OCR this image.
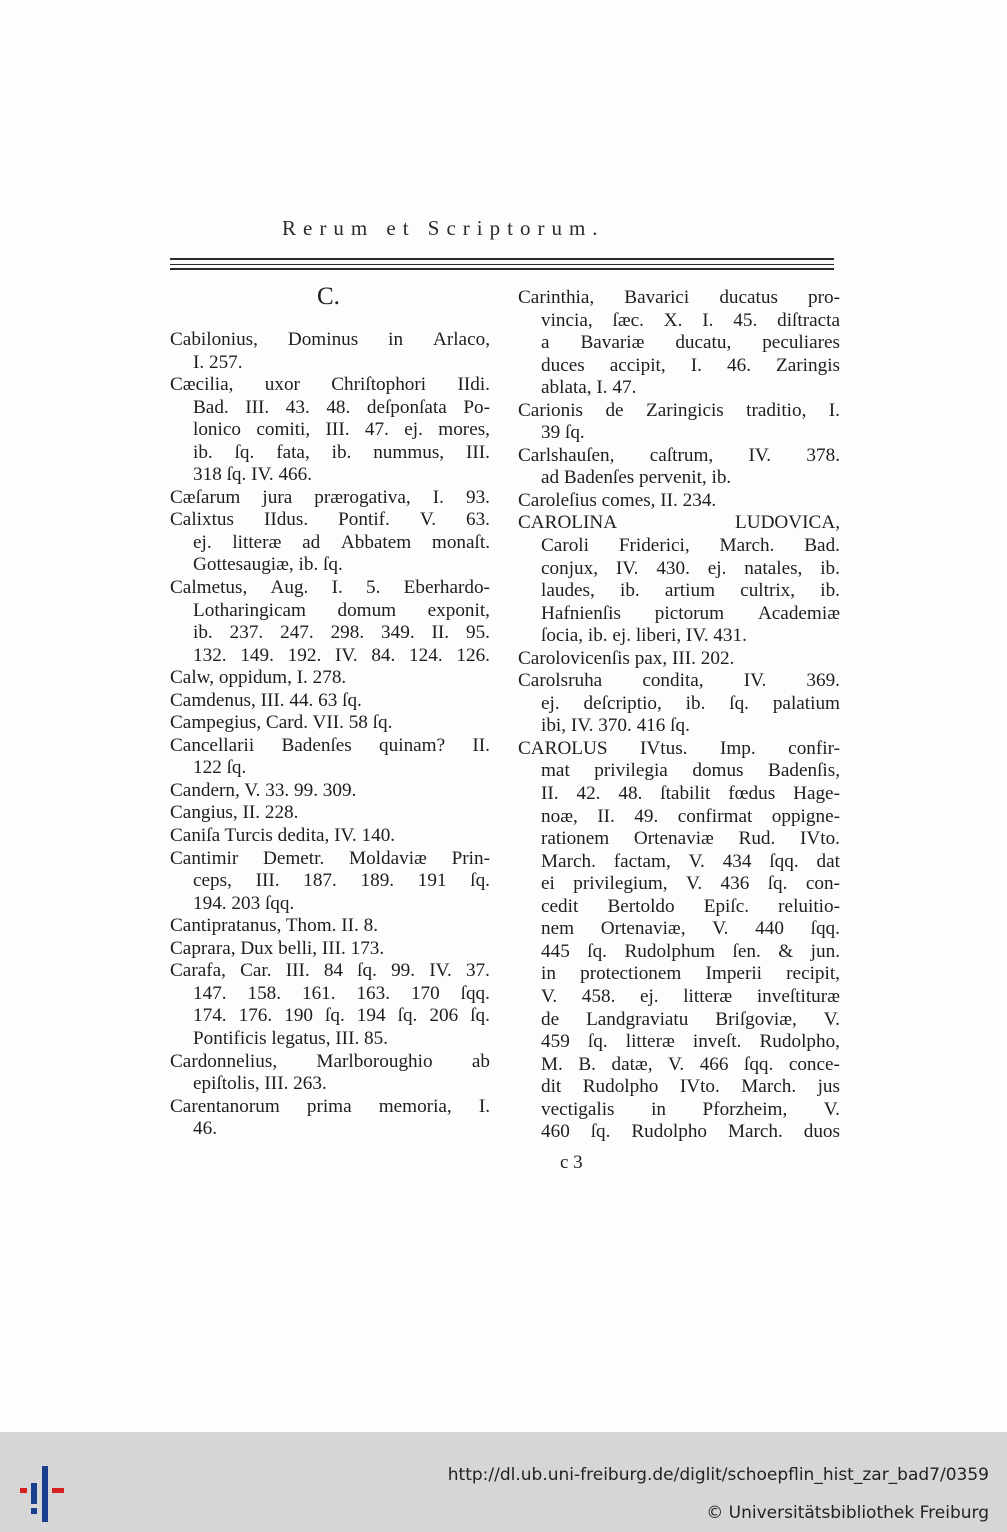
Rerum et Scriptorum.
C.
Cabilonius, Dominus in Arlaco,
I. 257.
Cæcilia, uxor Chriſtophori IIdi.
Bad. III. 43. 48. deſponſata Po-
lonico comiti, III. 47. ej. mores,
ib. ſq. fata, ib. nummus, III.
318 ſq. IV. 466.
Cæſarum jura prærogativa, I. 93.
Calixtus IIdus. Pontif. V. 63.
ej. litteræ ad Abbatem monaſt.
Gottesaugiæ, ib. ſq.
Calmetus, Aug. I. 5. Eberhardo-
Lotharingicam domum exponit,
ib. 237. 247. 298. 349. II. 95.
132. 149. 192. IV. 84. 124. 126.
Calw, oppidum, I. 278.
Camdenus, III. 44. 63 ſq.
Campegius, Card. VII. 58 ſq.
Cancellarii Badenſes quinam? II.
122 ſq.
Candern, V. 33. 99. 309.
Cangius, II. 228.
Caniſa Turcis dedita, IV. 140.
Cantimir Demetr. Moldaviæ Prin-
ceps, III. 187. 189. 191 ſq.
194. 203 ſqq.
Cantipratanus, Thom. II. 8.
Caprara, Dux belli, III. 173.
Carafa, Car. III. 84 ſq. 99. IV. 37.
147. 158. 161. 163. 170 ſqq.
174. 176. 190 ſq. 194 ſq. 206 ſq.
Pontificis legatus, III. 85.
Cardonnelius, Marlboroughio ab
epiſtolis, III. 263.
Carentanorum prima memoria, I.
46.
Carinthia, Bavarici ducatus pro-
vincia, ſæc. X. I. 45. diſtracta
a Bavariæ ducatu, peculiares
duces accipit, I. 46. Zaringis
ablata, I. 47.
Carionis de Zaringicis traditio, I.
39 ſq.
Carlshauſen, caſtrum, IV. 378.
ad Badenſes pervenit, ib.
Caroleſius comes, II. 234.
CAROLINA	LUDOVICA,
Caroli Friderici, March. Bad.
conjux, IV. 430. ej. natales, ib.
laudes, ib. artium cultrix, ib.
Hafnienſis pictorum Academiæ
ſocia, ib. ej. liberi, IV. 431.
Carolovicenſis pax, III. 202.
Carolsruha condita, IV. 369.
ej. deſcriptio, ib. ſq. palatium
ibi, IV. 370. 416 ſq.
CAROLUS IVtus. Imp. confir-
mat privilegia domus Badenſis,
II. 42. 48. ſtabilit fœdus Hage-
noæ, II. 49. confirmat oppigne-
rationem Ortenaviæ Rud. IVto.
March. factam, V. 434 ſqq. dat
ei privilegium, V. 436 ſq. con-
cedit Bertoldo Epiſc. reluitio-
nem Ortenaviæ, V. 440 ſqq.
445 ſq. Rudolphum ſen. & jun.
in protectionem Imperii recipit,
V. 458. ej. litteræ inveſtituræ
de Landgraviatu Briſgoviæ, V.
459 ſq. litteræ inveſt. Rudolpho,
M. B. datæ, V. 466 ſqq. conce-
dit Rudolpho IVto. March. jus
vectigalis in Pforzheim, V.
460 ſq. Rudolpho March. duos
c 3
http://dl.ub.uni-freiburg.de/diglit/schoepflin_hist_zar_bad7/0359
© Universitätsbibliothek Freiburg
